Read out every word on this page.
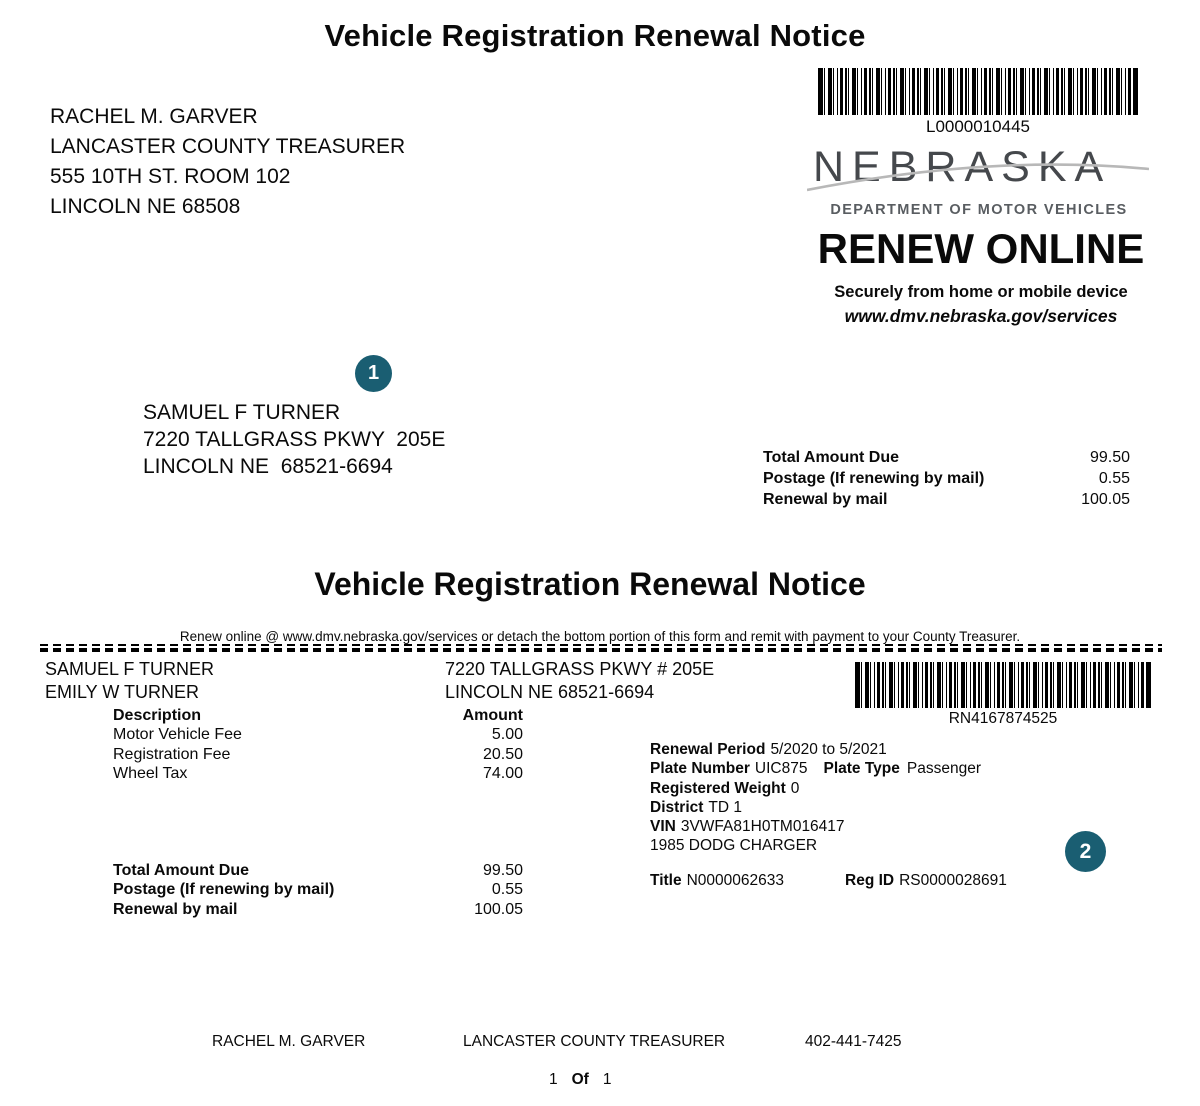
Vehicle Registration Renewal Notice
RACHEL M. GARVER
LANCASTER COUNTY TREASURER
555 10TH ST. ROOM 102
LINCOLN NE 68508
L0000010445
NEBRASKA
DEPARTMENT OF MOTOR VEHICLES
RENEW ONLINE
Securely from home or mobile device
www.dmv.nebraska.gov/services
1
SAMUEL F TURNER
7220 TALLGRASS PKWY  205E
LINCOLN NE  68521-6694	Total Amount Due	99.50
Postage (If renewing by mail)	0.55
Renewal by mail	100.05
Vehicle Registration Renewal Notice
Renew online @ www.dmv.nebraska.gov/services or detach the bottom portion of this form and remit with payment to your County Treasurer.
SAMUEL F TURNER
EMILY W TURNER
7220 TALLGRASS PKWY # 205E
LINCOLN NE 68521-6694
RN4167874525
Description	Amount
Motor Vehicle Fee	5.00
Registration Fee	20.50
Wheel Tax	74.00
Total Amount Due	99.50
Postage (If renewing by mail)	0.55
Renewal by mail	100.05
Renewal Period 5/2020 to 5/2021
Plate Number UIC875 Plate Type Passenger
Registered Weight 0
District TD 1
VIN 3VWFA81H0TM016417
1985 DODG CHARGER
Title N0000062633	Reg ID RS0000028691
2
RACHEL M. GARVER	LANCASTER COUNTY TREASURER	402-441-7425
1 Of 1
